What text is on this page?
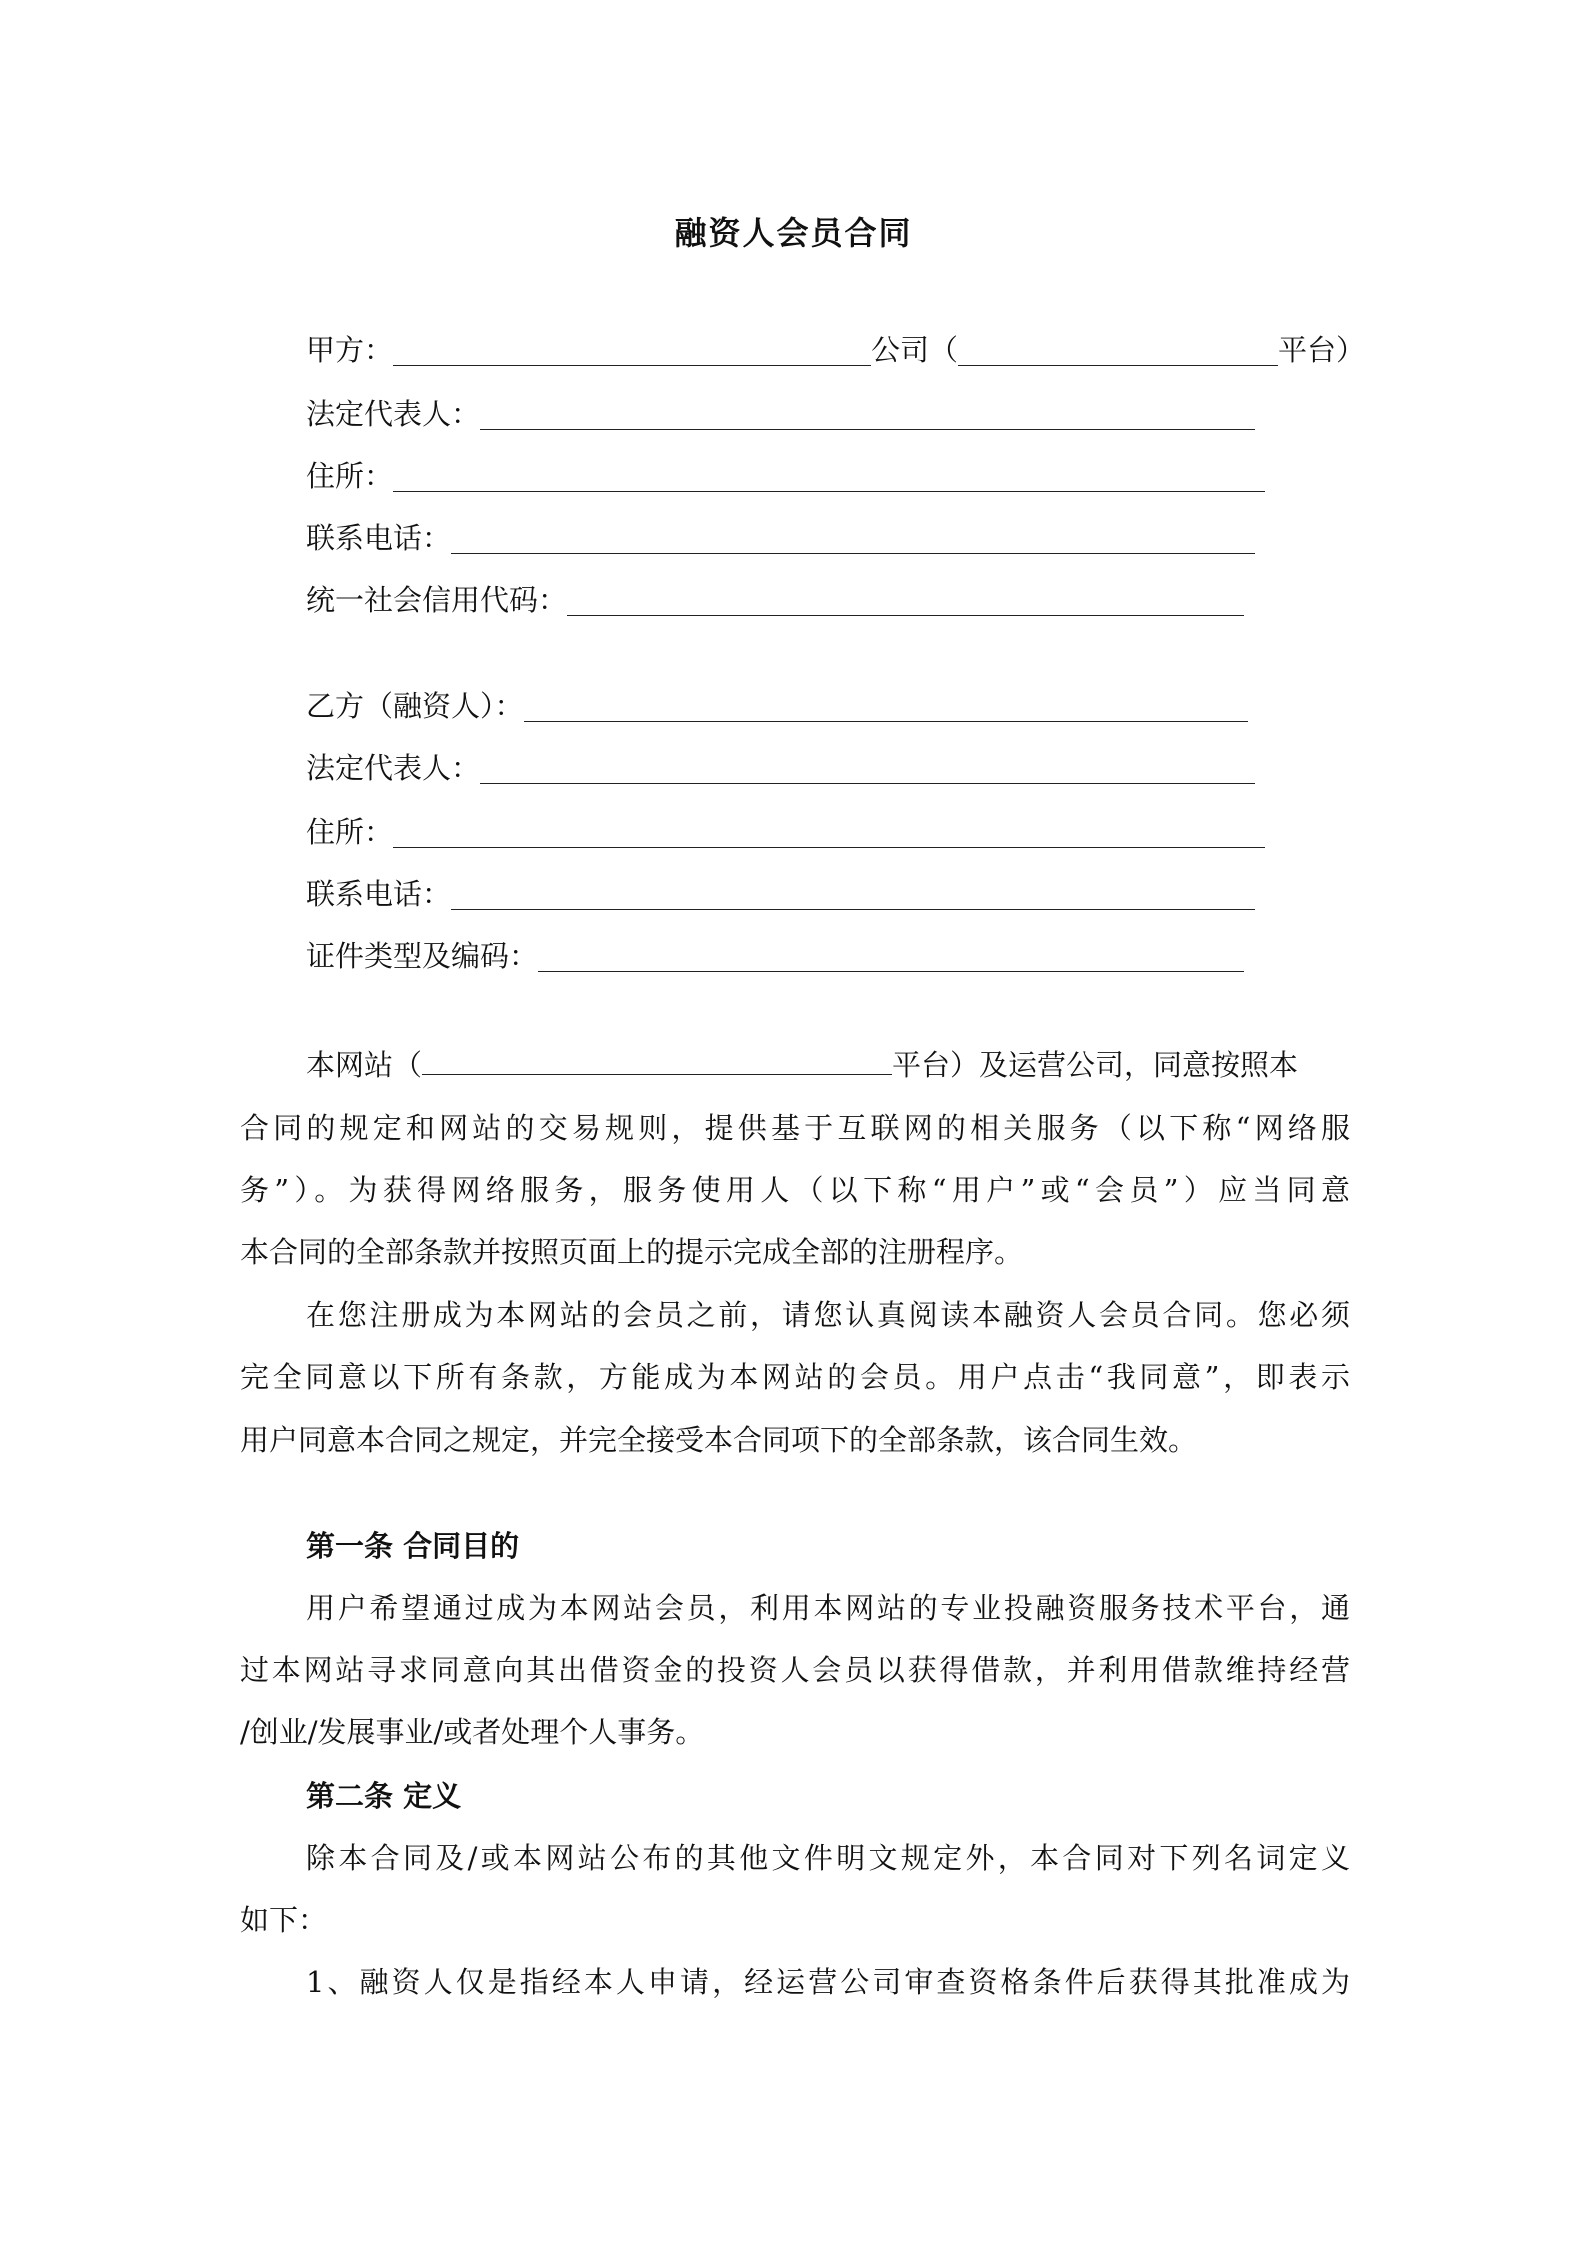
融资人会员合同
甲方：	公司（	平台）
法定代表人：
住所：
联系电话：
统一社会信用代码：
乙方（融资人）：
法定代表人：
住所：
联系电话：
证件类型及编码：
本网站（	平台）及运营公司，同意按照本
合同的规定和网站的交易规则，提供基于互联网的相关服务（以下称“网络服
务”）。为获得网络服务，服务使用人（以下称“用户”或“会员”）应当同意
本合同的全部条款并按照页面上的提示完成全部的注册程序。
在您注册成为本网站的会员之前，请您认真阅读本融资人会员合同。您必须
完全同意以下所有条款，方能成为本网站的会员。用户点击“我同意”，即表示
用户同意本合同之规定，并完全接受本合同项下的全部条款，该合同生效。
第一条 合同目的
用户希望通过成为本网站会员，利用本网站的专业投融资服务技术平台，通
过本网站寻求同意向其出借资金的投资人会员以获得借款，并利用借款维持经营
/创业/发展事业/或者处理个人事务。
第二条 定义
除本合同及/或本网站公布的其他文件明文规定外，本合同对下列名词定义
如下：
1、融资人仅是指经本人申请，经运营公司审查资格条件后获得其批准成为
